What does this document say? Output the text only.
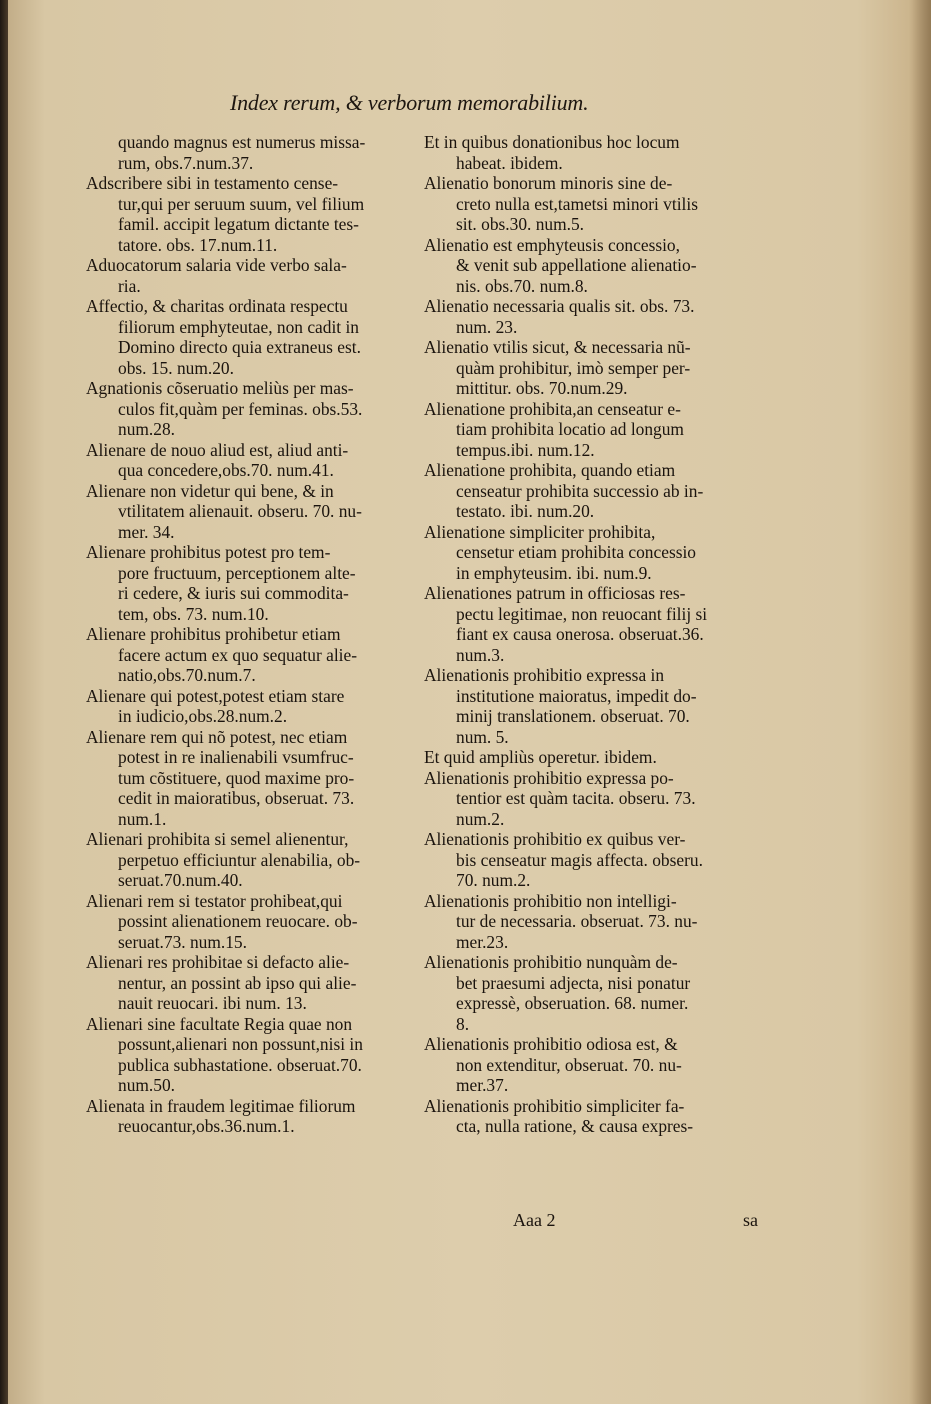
Index rerum, & verborum memorabilium.

quando magnus est numerus missa-
rum, obs.7.num.37.

Adscribere sibi in testamento cense-
tur,qui per seruum suum, vel filium
famil. accipit legatum dictante tes-
tatore. obs. 17.num.11.

Aduocatorum salaria vide verbo sala-
ria.

Affectio, & charitas ordinata respectu
filiorum emphyteutae, non cadit in
Domino directo quia extraneus est.
obs. 15. num.20.

Agnationis cõseruatio meliùs per mas-
culos fit,quàm per feminas. obs.53.
num.28.

Alienare de nouo aliud est, aliud anti-
qua concedere,obs.70. num.41.

Alienare non videtur qui bene, & in
vtilitatem alienauit. obseru. 70. nu-
mer. 34.

Alienare prohibitus potest pro tem-
pore fructuum, perceptionem alte-
ri cedere, & iuris sui commodita-
tem, obs. 73. num.10.

Alienare prohibitus prohibetur etiam
facere actum ex quo sequatur alie-
natio,obs.70.num.7.

Alienare qui potest,potest etiam stare
in iudicio,obs.28.num.2.

Alienare rem qui nõ potest, nec etiam
potest in re inalienabili vsumfruc-
tum cõstituere, quod maxime pro-
cedit in maioratibus, obseruat. 73.
num.1.

Alienari prohibita si semel alienentur,
perpetuo efficiuntur alenabilia, ob-
seruat.70.num.40.

Alienari rem si testator prohibeat,qui
possint alienationem reuocare. ob-
seruat.73. num.15.

Alienari res prohibitae si defacto alie-
nentur, an possint ab ipso qui alie-
nauit reuocari. ibi num. 13.

Alienari sine facultate Regia quae non
possunt,alienari non possunt,nisi in
publica subhastatione. obseruat.70.
num.50.

Alienata in fraudem legitimae filiorum
reuocantur,obs.36.num.1.

Et in quibus donationibus hoc locum
habeat. ibidem.

Alienatio bonorum minoris sine de-
creto nulla est,tametsi minori vtilis
sit. obs.30. num.5.

Alienatio est emphyteusis concessio,
& venit sub appellatione alienatio-
nis. obs.70. num.8.

Alienatio necessaria qualis sit. obs. 73.
num. 23.

Alienatio vtilis sicut, & necessaria nũ-
quàm prohibitur, imò semper per-
mittitur. obs. 70.num.29.

Alienatione prohibita,an censeatur e-
tiam prohibita locatio ad longum
tempus.ibi. num.12.

Alienatione prohibita, quando etiam
censeatur prohibita successio ab in-
testato. ibi. num.20.

Alienatione simpliciter prohibita,
censetur etiam prohibita concessio
in emphyteusim. ibi. num.9.

Alienationes patrum in officiosas res-
pectu legitimae, non reuocant filij si
fiant ex causa onerosa. obseruat.36.
num.3.

Alienationis prohibitio expressa in
institutione maioratus, impedit do-
minij translationem. obseruat. 70.
num. 5.

Et quid ampliùs operetur. ibidem.

Alienationis prohibitio expressa po-
tentior est quàm tacita. obseru. 73.
num.2.

Alienationis prohibitio ex quibus ver-
bis censeatur magis affecta. obseru.
70. num.2.

Alienationis prohibitio non intelligi-
tur de necessaria. obseruat. 73. nu-
mer.23.

Alienationis prohibitio nunquàm de-
bet praesumi adjecta, nisi ponatur
expressè, obseruation. 68. numer.
8.

Alienationis prohibitio odiosa est, &
non extenditur, obseruat. 70. nu-
mer.37.

Alienationis prohibitio simpliciter fa-
cta, nulla ratione, & causa expres-

Aaa 2	sa
